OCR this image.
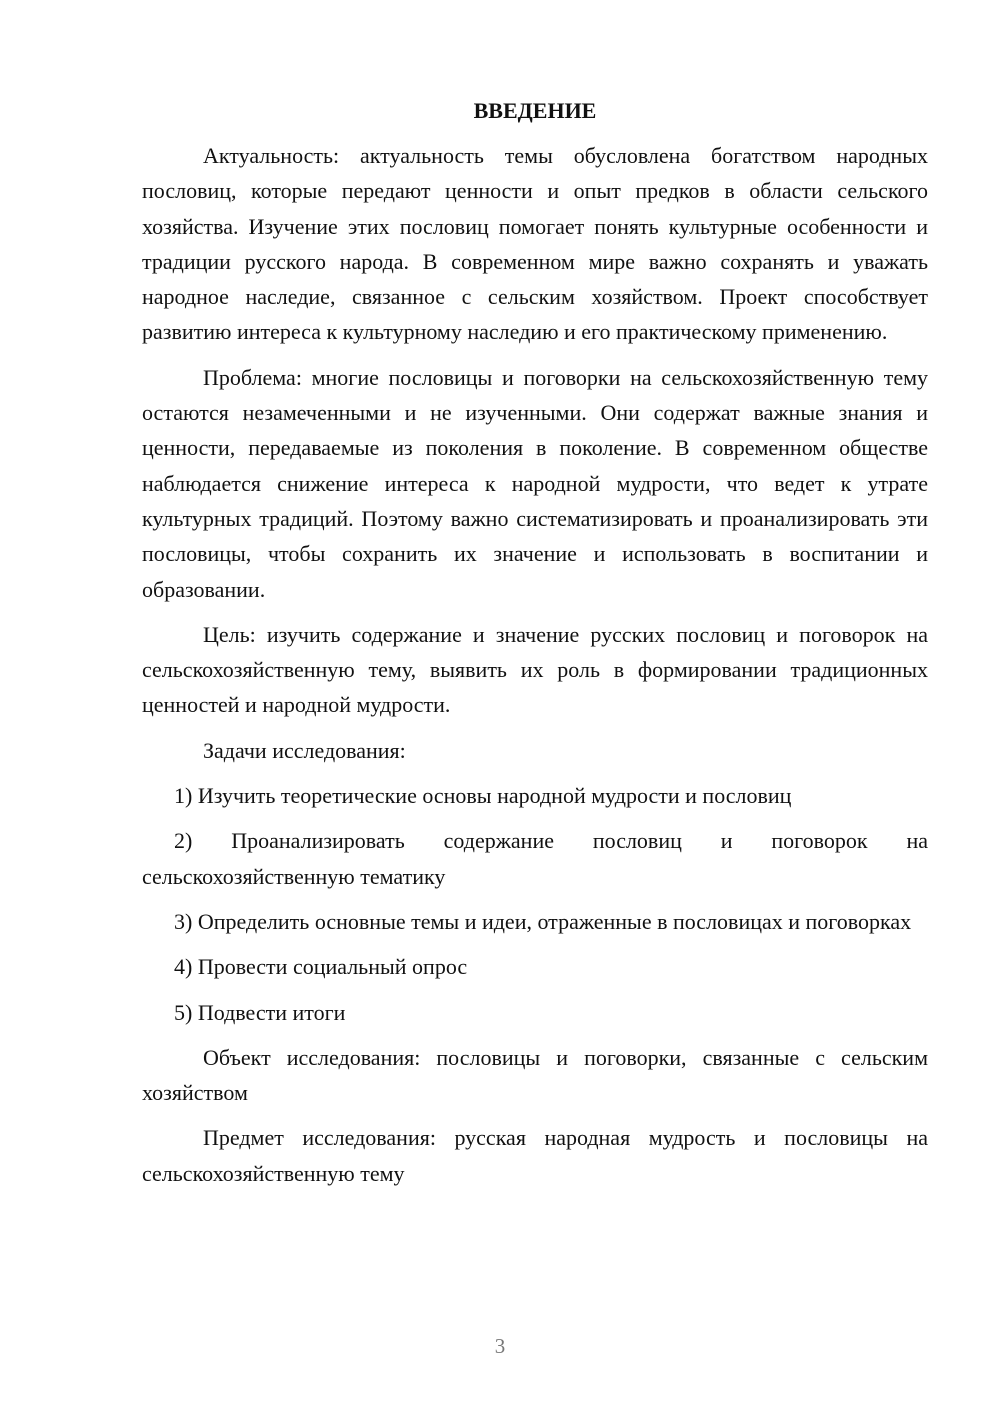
ВВЕДЕНИЕ

Актуальность: актуальность темы обусловлена богатством народных пословиц, которые передают ценности и опыт предков в области сельского хозяйства. Изучение этих пословиц помогает понять культурные особенности и традиции русского народа. В современном мире важно сохранять и уважать народное наследие, связанное с сельским хозяйством. Проект способствует развитию интереса к культурному наследию и его практическому применению.

Проблема: многие пословицы и поговорки на сельскохозяйственную тему остаются незамеченными и не изученными. Они содержат важные знания и ценности, передаваемые из поколения в поколение. В современном обществе наблюдается снижение интереса к народной мудрости, что ведет к утрате культурных традиций. Поэтому важно систематизировать и проанализировать эти пословицы, чтобы сохранить их значение и использовать в воспитании и образовании.

Цель: изучить содержание и значение русских пословиц и поговорок на сельскохозяйственную тему, выявить их роль в формировании традиционных ценностей и народной мудрости.

Задачи исследования:

1) Изучить теоретические основы народной мудрости и пословиц

2) Проанализировать содержание пословиц и поговорок на сельскохозяйственную тематику

3) Определить основные темы и идеи, отраженные в пословицах и поговорках

4) Провести социальный опрос

5) Подвести итоги

Объект исследования: пословицы и поговорки, связанные с сельским хозяйством

Предмет исследования: русская народная мудрость и пословицы на сельскохозяйственную тему

3
